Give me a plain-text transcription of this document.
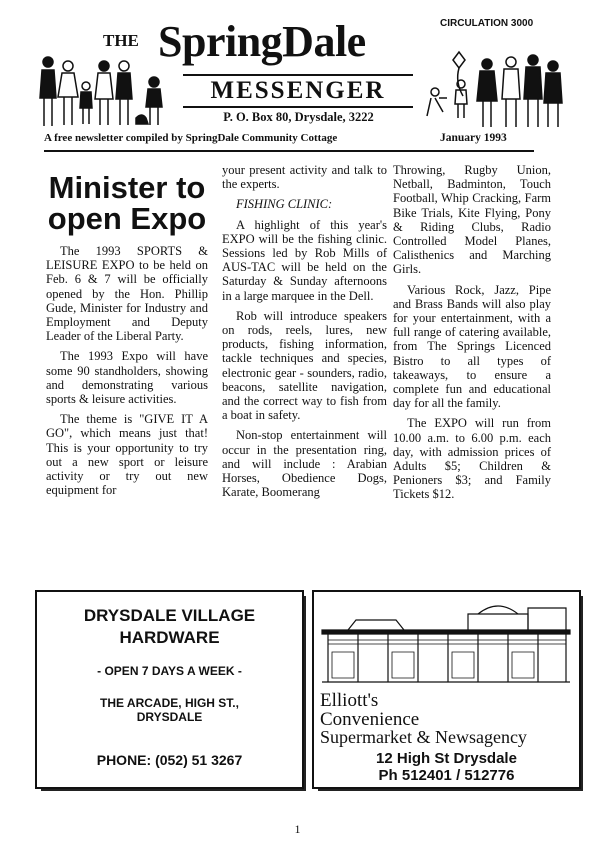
CIRCULATION 3000
THE SpringDale
MESSENGER
P. O. Box 80, Drysdale, 3222
A free newsletter compiled by SpringDale Community Cottage	January 1993
Minister to open Expo

The 1993 SPORTS & LEISURE EXPO to be held on Feb. 6 & 7 will be officially opened by the Hon. Phillip Gude, Minister for Industry and Employment and Deputy Leader of the Liberal Party.

The 1993 Expo will have some 90 standholders, showing and demonstrating various sports & leisure activities.

The theme is "GIVE IT A GO", which means just that! This is your opportunity to try out a new sport or leisure activity or try out new equipment for

your present activity and talk to the experts.

FISHING CLINIC:

A highlight of this year's EXPO will be the fishing clinic. Sessions led by Rob Mills of AUS-TAC will be held on the Saturday & Sunday afternoons in a large marquee in the Dell.

Rob will introduce speakers on rods, reels, lures, new products, fishing information, tackle techniques and species, electronic gear - sounders, radio, beacons, satellite navigation, and the correct way to fish from a boat in safety.

Non-stop entertainment will occur in the presentation ring, and will include : Arabian Horses, Obedience Dogs, Karate, Boomerang

Throwing, Rugby Union, Netball, Badminton, Touch Football, Whip Cracking, Farm Bike Trials, Kite Flying, Pony & Riding Clubs, Radio Controlled Model Planes, Calisthenics and Marching Girls.

Various Rock, Jazz, Pipe and Brass Bands will also play for your entertainment, with a full range of catering available, from The Springs Licenced Bistro to all types of takeaways, to ensure a complete fun and educational day for all the family.

The EXPO will run from 10.00 a.m. to 6.00 p.m. each day, with admission prices of Adults $5; Children & Penioners $3; and Family Tickets $12.

DRYSDALE VILLAGE
HARDWARE
- OPEN 7 DAYS A WEEK -
THE ARCADE, HIGH ST.,
DRYSDALE
PHONE: (052) 51 3267
Elliott's
Convenience
Supermarket & Newsagency
12 High St Drysdale
Ph 512401 / 512776
1
